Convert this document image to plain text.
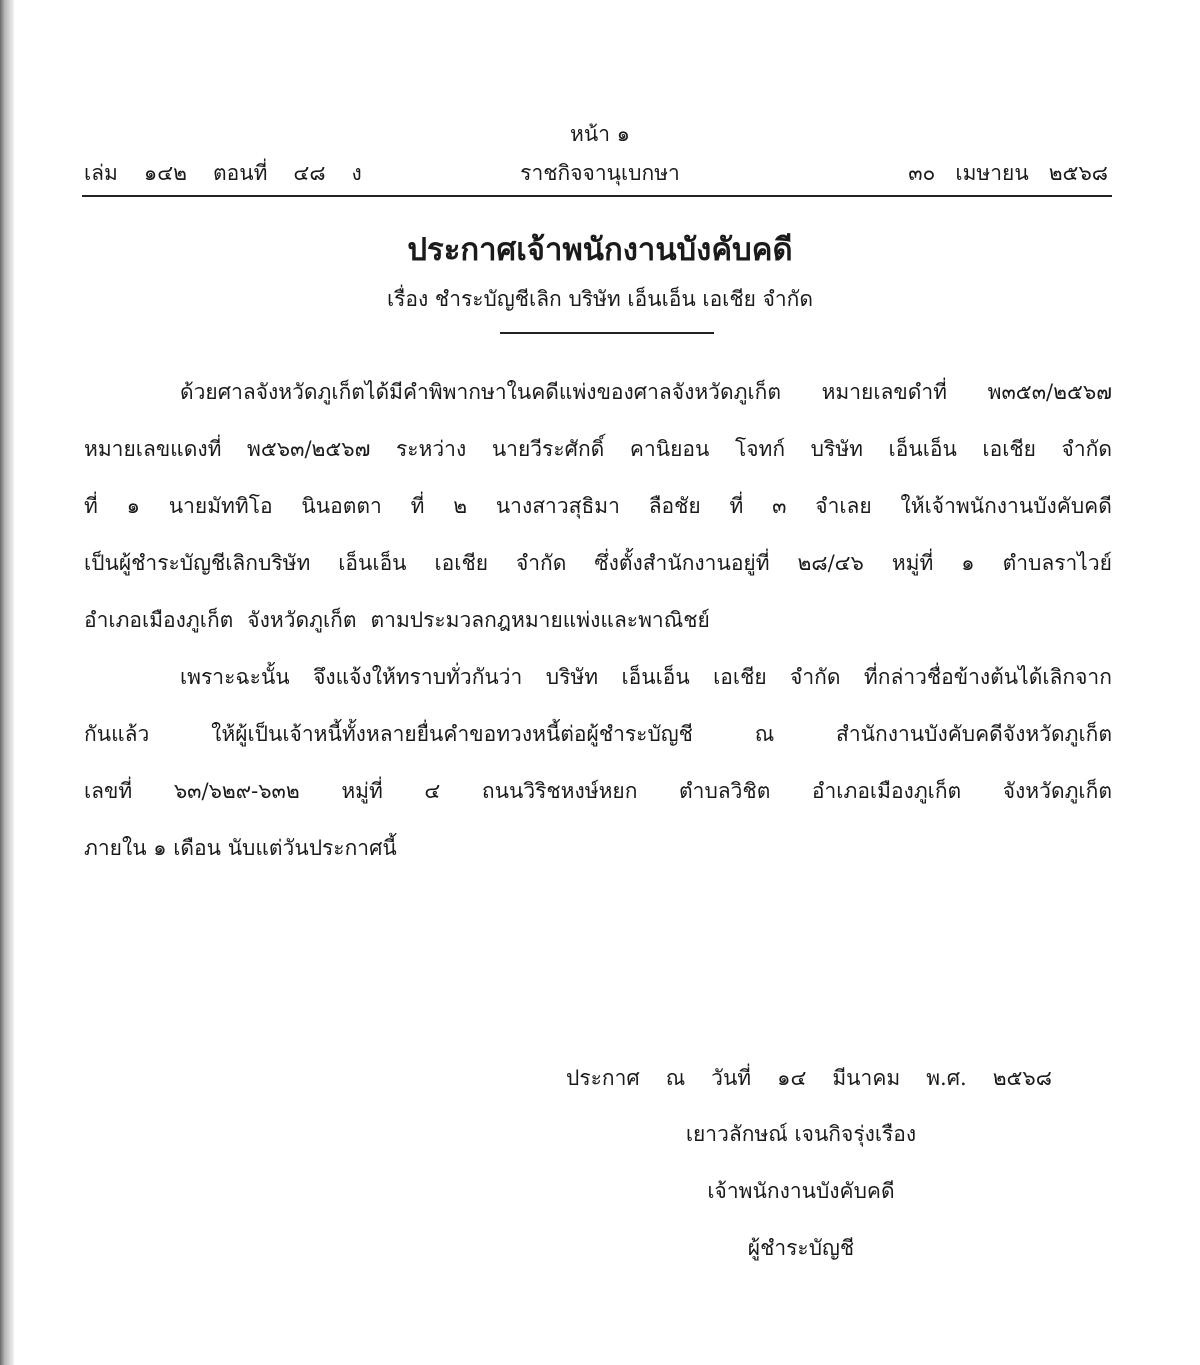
หน้า ๑
เล่ม ๑๔๒ ตอนที่ ๔๘ ง	ราชกิจจานุเบกษา	๓๐ เมษายน ๒๕๖๘
ประกาศเจ้าพนักงานบังคับคดี
เรื่อง ชำระบัญชีเลิก บริษัท เอ็นเอ็น เอเชีย จำกัด
ด้วยศาลจังหวัดภูเก็ตได้มีคำพิพากษาในคดีแพ่งของศาลจังหวัดภูเก็ต หมายเลขดำที่ พ๓๕๓/๒๕๖๗
หมายเลขแดงที่ พ๕๖๓/๒๕๖๗ ระหว่าง นายวีระศักดิ์ คานิยอน โจทก์ บริษัท เอ็นเอ็น เอเชีย จำกัด
ที่ ๑ นายมัททิโอ นินอตตา ที่ ๒ นางสาวสุธิมา ลือชัย ที่ ๓ จำเลย ให้เจ้าพนักงานบังคับคดี
เป็นผู้ชำระบัญชีเลิกบริษัท เอ็นเอ็น เอเชีย จำกัด ซึ่งตั้งสำนักงานอยู่ที่ ๒๘/๔๖ หมู่ที่ ๑ ตำบลราไวย์
อำเภอเมืองภูเก็ต จังหวัดภูเก็ต ตามประมวลกฎหมายแพ่งและพาณิชย์
เพราะฉะนั้น จึงแจ้งให้ทราบทั่วกันว่า บริษัท เอ็นเอ็น เอเชีย จำกัด ที่กล่าวชื่อข้างต้นได้เลิกจาก
กันแล้ว	ให้ผู้เป็นเจ้าหนี้ทั้งหลายยื่นคำขอทวงหนี้ต่อผู้ชำระบัญชี	ณ	สำนักงานบังคับคดีจังหวัดภูเก็ต
เลขที่ ๖๓/๖๒๙-๖๓๒ หมู่ที่ ๔ ถนนวิริชหงษ์หยก ตำบลวิชิต อำเภอเมืองภูเก็ต จังหวัดภูเก็ต
ภายใน ๑ เดือน นับแต่วันประกาศนี้
ประกาศ ณ วันที่ ๑๔ มีนาคม พ.ศ. ๒๕๖๘
เยาวลักษณ์ เจนกิจรุ่งเรือง
เจ้าพนักงานบังคับคดี
ผู้ชำระบัญชี
